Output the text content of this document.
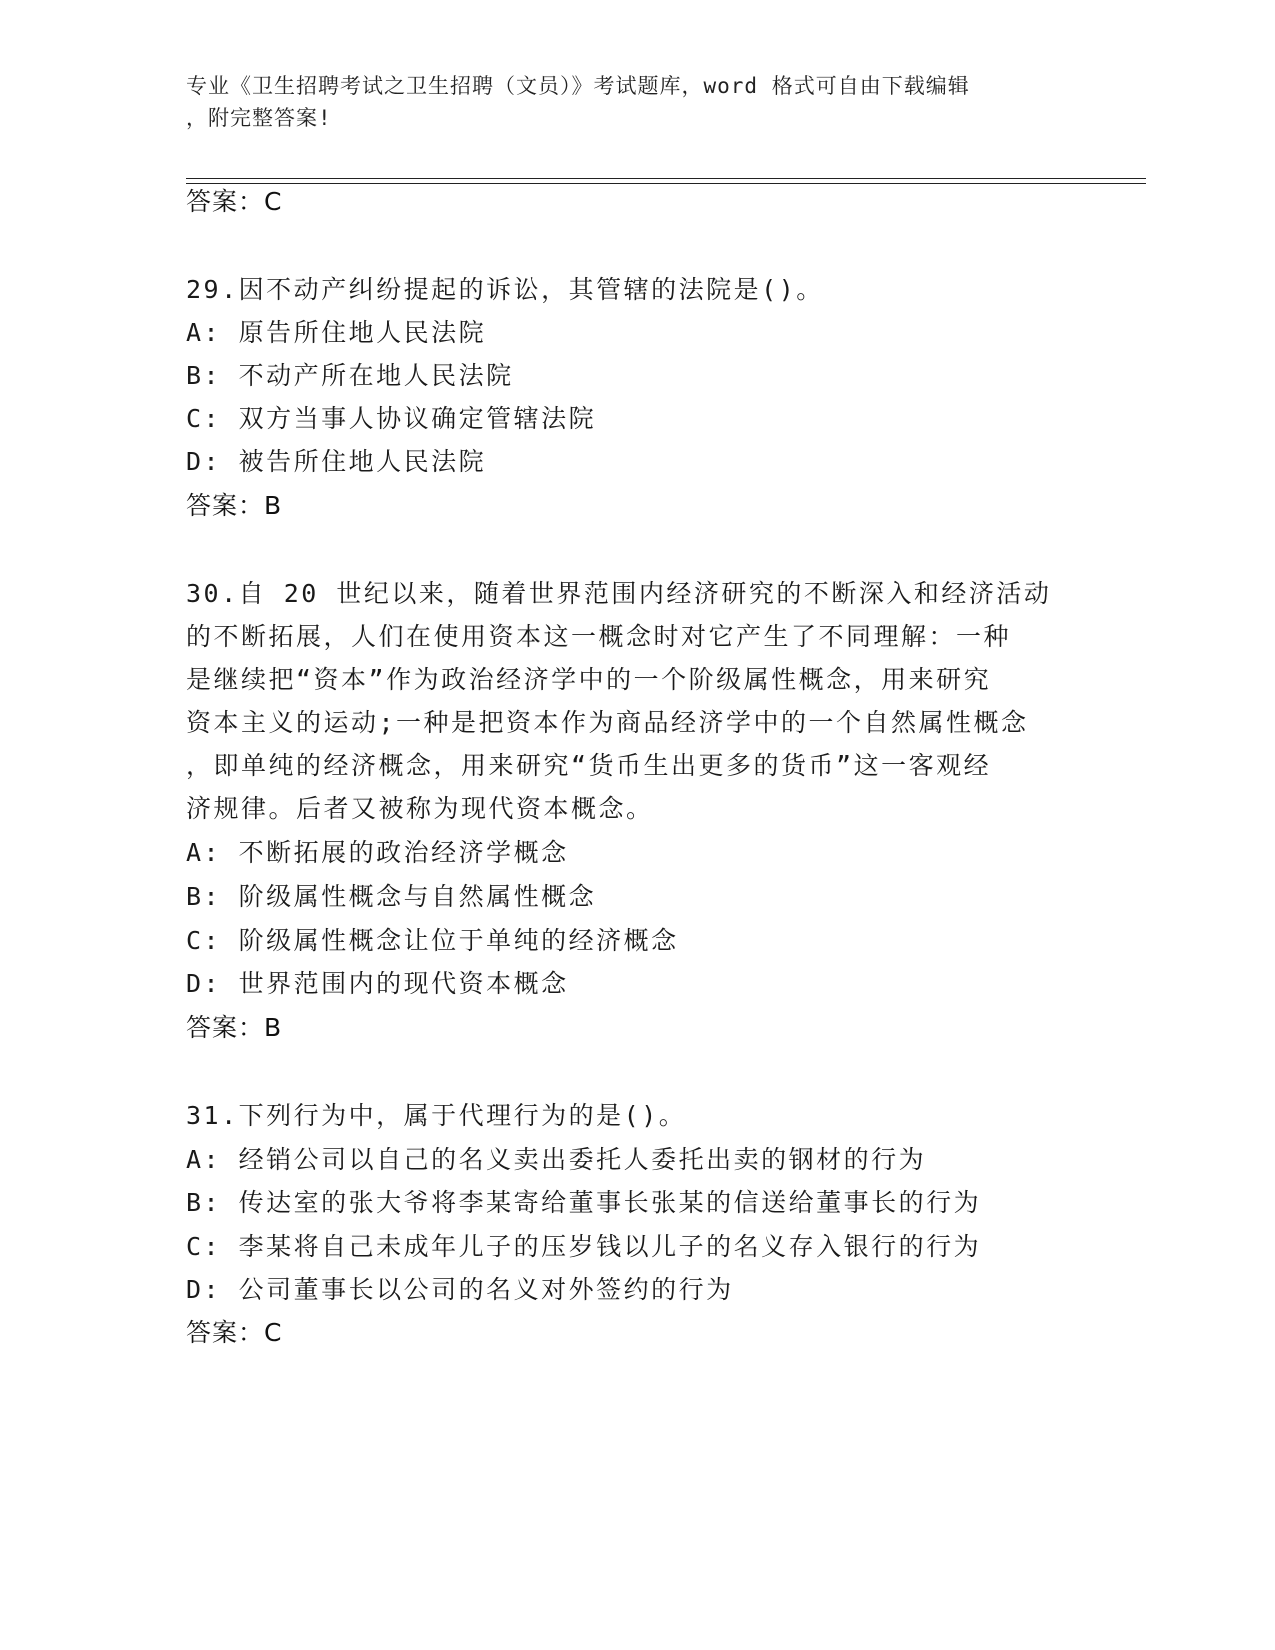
专业《卫生招聘考试之卫生招聘（文员）》考试题库，word 格式可自由下载编辑
，附完整答案!
答案：C
29.因不动产纠纷提起的诉讼，其管辖的法院是()。
A: 原告所住地人民法院
B: 不动产所在地人民法院
C: 双方当事人协议确定管辖法院
D: 被告所住地人民法院
答案：B
30.自 20 世纪以来，随着世界范围内经济研究的不断深入和经济活动
的不断拓展，人们在使用资本这一概念时对它产生了不同理解：一种
是继续把“资本”作为政治经济学中的一个阶级属性概念，用来研究
资本主义的运动;一种是把资本作为商品经济学中的一个自然属性概念
，即单纯的经济概念，用来研究“货币生出更多的货币”这一客观经
济规律。后者又被称为现代资本概念。
A: 不断拓展的政治经济学概念
B: 阶级属性概念与自然属性概念
C: 阶级属性概念让位于单纯的经济概念
D: 世界范围内的现代资本概念
答案：B
31.下列行为中，属于代理行为的是()。
A: 经销公司以自己的名义卖出委托人委托出卖的钢材的行为
B: 传达室的张大爷将李某寄给董事长张某的信送给董事长的行为
C: 李某将自己未成年儿子的压岁钱以儿子的名义存入银行的行为
D: 公司董事长以公司的名义对外签约的行为
答案：C
